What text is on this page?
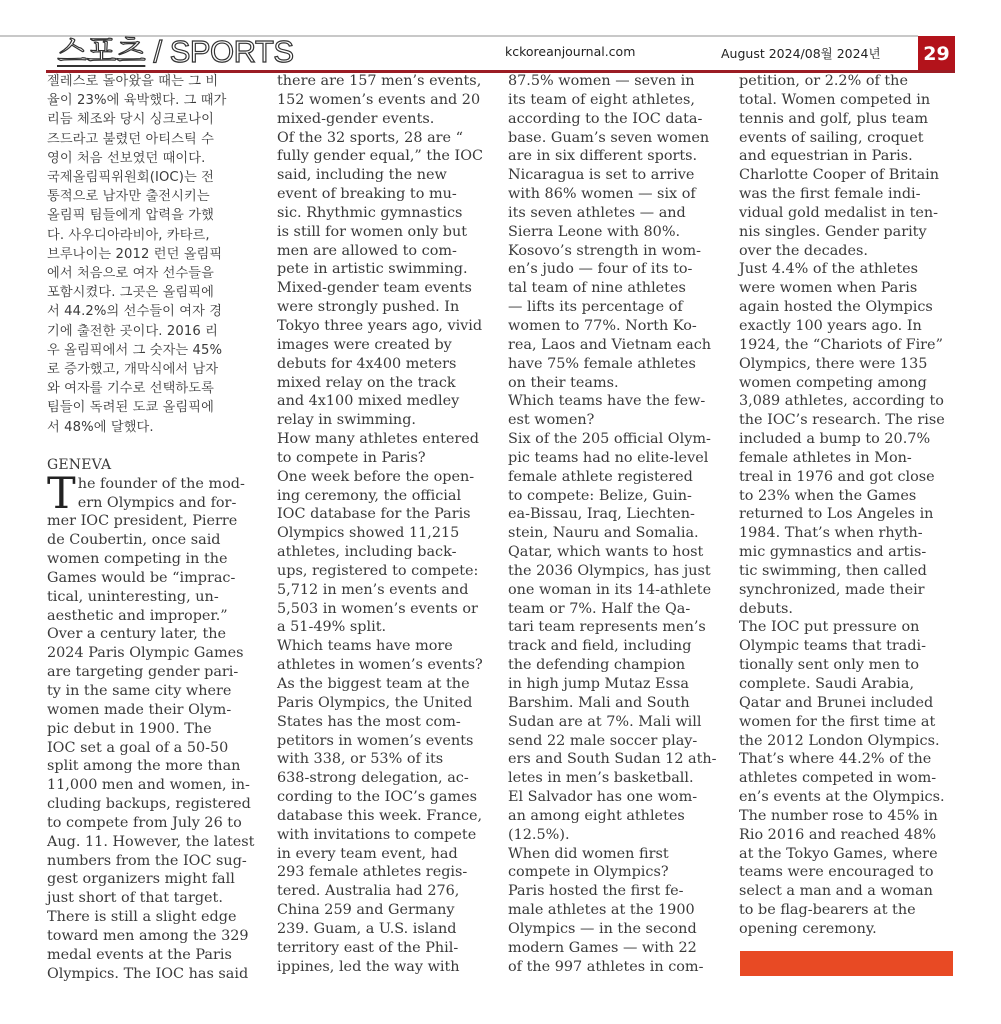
스포츠 / SPORTS	kckoreanjournal.com	August 2024/08월 2024년 29
젤레스로 돌아왔을 때는 그 비
율이 23%에 육박했다. 그 때가
리듬 체조와 당시 싱크로나이
즈드라고 불렸던 아티스틱 수
영이 처음 선보였던 때이다.
국제올림픽위원회(IOC)는 전
통적으로 남자만 출전시키는
올림픽 팀들에게 압력을 가했
다. 사우디아라비아, 카타르,
브루나이는 2012 런던 올림픽
에서 처음으로 여자 선수들을
포함시켰다. 그곳은 올림픽에
서 44.2%의 선수들이 여자 경
기에 출전한 곳이다. 2016 리
우 올림픽에서 그 숫자는 45%
로 증가했고, 개막식에서 남자
와 여자를 기수로 선택하도록
팀들이 독려된 도쿄 올림픽에
서 48%에 달했다.

GENEVA

T he founder of the mod-
ern Olympics and for-
mer IOC president, Pierre
de Coubertin, once said
women competing in the
Games would be “imprac-
tical, uninteresting, un-
aesthetic and improper.”
Over a century later, the
2024 Paris Olympic Games
are targeting gender pari-
ty in the same city where
women made their Olym-
pic debut in 1900. The
IOC set a goal of a 50-50
split among the more than
11,000 men and women, in-
cluding backups, registered
to compete from July 26 to
Aug. 11. However, the latest
numbers from the IOC sug-
gest organizers might fall
just short of that target.
There is still a slight edge
toward men among the 329
medal events at the Paris
Olympics. The IOC has said
there are 157 men’s events,
152 women’s events and 20
mixed-gender events.
Of the 32 sports, 28 are “
fully gender equal,” the IOC
said, including the new
event of breaking to mu-
sic. Rhythmic gymnastics
is still for women only but
men are allowed to com-
pete in artistic swimming.
Mixed-gender team events
were strongly pushed. In
Tokyo three years ago, vivid
images were created by
debuts for 4x400 meters
mixed relay on the track
and 4x100 mixed medley
relay in swimming.
How many athletes entered
to compete in Paris?
One week before the open-
ing ceremony, the official
IOC database for the Paris
Olympics showed 11,215
athletes, including back-
ups, registered to compete:
5,712 in men’s events and
5,503 in women’s events or
a 51-49% split.
Which teams have more
athletes in women’s events?
As the biggest team at the
Paris Olympics, the United
States has the most com-
petitors in women’s events
with 338, or 53% of its
638-strong delegation, ac-
cording to the IOC’s games
database this week. France,
with invitations to compete
in every team event, had
293 female athletes regis-
tered. Australia had 276,
China 259 and Germany
239. Guam, a U.S. island
territory east of the Phil-
ippines, led the way with
87.5% women — seven in
its team of eight athletes,
according to the IOC data-
base. Guam’s seven women
are in six different sports.
Nicaragua is set to arrive
with 86% women — six of
its seven athletes — and
Sierra Leone with 80%.
Kosovo’s strength in wom-
en’s judo — four of its to-
tal team of nine athletes
— lifts its percentage of
women to 77%. North Ko-
rea, Laos and Vietnam each
have 75% female athletes
on their teams.
Which teams have the few-
est women?
Six of the 205 official Olym-
pic teams had no elite-level
female athlete registered
to compete: Belize, Guin-
ea-Bissau, Iraq, Liechten-
stein, Nauru and Somalia.
Qatar, which wants to host
the 2036 Olympics, has just
one woman in its 14-athlete
team or 7%. Half the Qa-
tari team represents men’s
track and field, including
the defending champion
in high jump Mutaz Essa
Barshim. Mali and South
Sudan are at 7%. Mali will
send 22 male soccer play-
ers and South Sudan 12 ath-
letes in men’s basketball.
El Salvador has one wom-
an among eight athletes
(12.5%).
When did women first
compete in Olympics?
Paris hosted the first fe-
male athletes at the 1900
Olympics — in the second
modern Games — with 22
of the 997 athletes in com-
petition, or 2.2% of the
total. Women competed in
tennis and golf, plus team
events of sailing, croquet
and equestrian in Paris.
Charlotte Cooper of Britain
was the first female indi-
vidual gold medalist in ten-
nis singles. Gender parity
over the decades.
Just 4.4% of the athletes
were women when Paris
again hosted the Olympics
exactly 100 years ago. In
1924, the “Chariots of Fire”
Olympics, there were 135
women competing among
3,089 athletes, according to
the IOC’s research. The rise
included a bump to 20.7%
female athletes in Mon-
treal in 1976 and got close
to 23% when the Games
returned to Los Angeles in
1984. That’s when rhyth-
mic gymnastics and artis-
tic swimming, then called
synchronized, made their
debuts.
The IOC put pressure on
Olympic teams that tradi-
tionally sent only men to
complete. Saudi Arabia,
Qatar and Brunei included
women for the first time at
the 2012 London Olympics.
That’s where 44.2% of the
athletes competed in wom-
en’s events at the Olympics.
The number rose to 45% in
Rio 2016 and reached 48%
at the Tokyo Games, where
teams were encouraged to
select a man and a woman
to be flag-bearers at the
opening ceremony.
